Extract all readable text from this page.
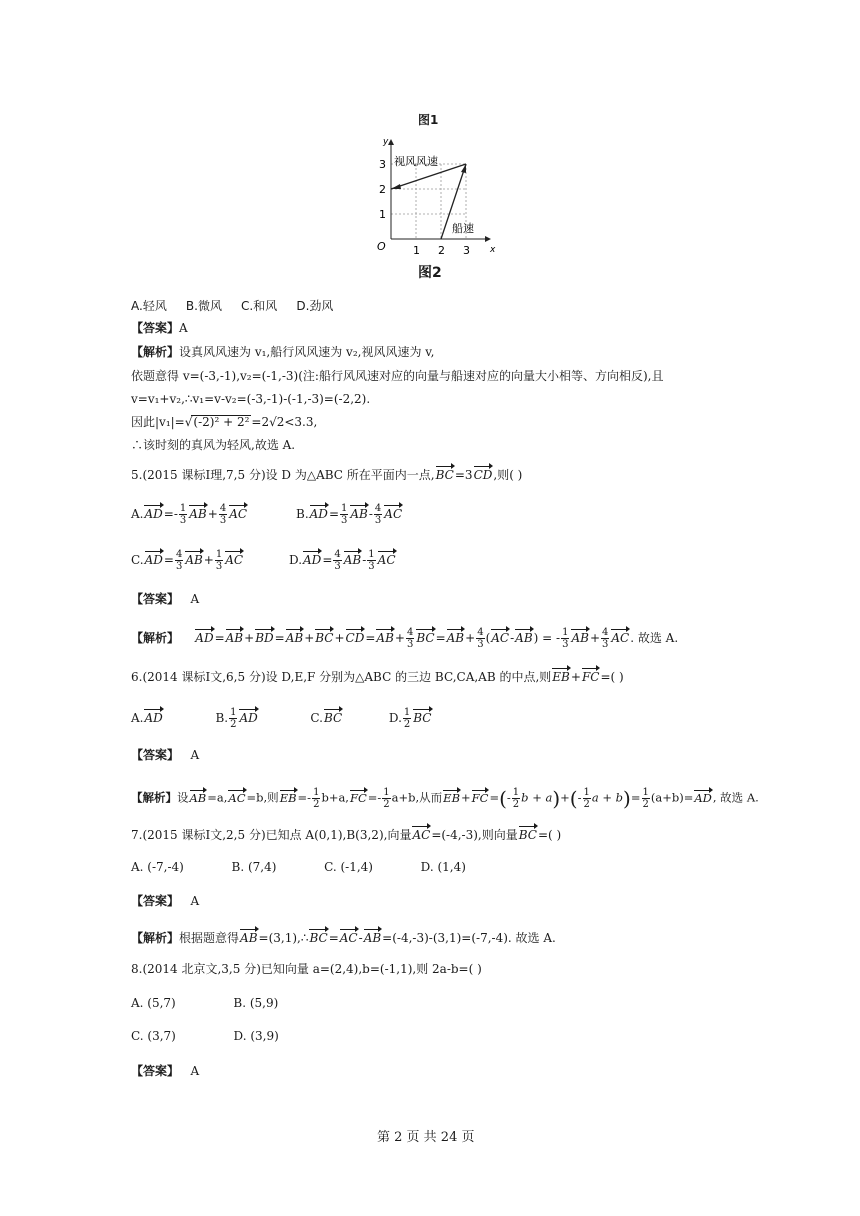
图1
y
x
O 1 2 3
1
2
3 视风风速
船速
图2
A.轻风 B.微风 C.和风 D.劲风
【答案】A
【解析】设真风风速为 v₁,船行风风速为 v₂,视风风速为 v,
依题意得 v=(-3,-1),v₂=(-1,-3)(注:船行风风速对应的向量与船速对应的向量大小相等、方向相反),且
v=v₁+v₂,∴v₁=v-v₂=(-3,-1)-(-1,-3)=(-2,2).
因此|v₁|=√(-2)² + 2² =2√2<3.3,
∴该时刻的真风为轻风,故选 A.
5.(2015 课标Ⅰ理,7,5 分)设 D 为△ABC 所在平面内一点,BC=3CD,则( )
$A.AD=- \frac{1}{3} AB+ \frac{4}{3}$ AC	$B.AD= \frac{1}{3} AB- \frac{4}{3}$ AC
$C.AD= \frac{4}{3} AB+ \frac{1}{3}$ AC	$D.AD= \frac{4}{3} AB- \frac{1}{3}$ AC
【答案】 A
【解析】 $AD=AB+BD=AB+BC+CD=AB+ \frac{4}{3} BC=AB+ \frac{4}{3} (AC-AB)$ = - $\frac{1}{3} AB+ \frac{4}{3}$ AC. 故选 A.
6.(2014 课标Ⅰ文,6,5 分)设 D,E,F 分别为△ABC 的三边 BC,CA,AB 的中点,则EB+FC=( )
A.AD	B. $\frac{1}{2}$ AD	C.BC	D. $\frac{1}{2}$ BC
【答案】 A
【解析】设AB=a,AC=b,则$EB=- \frac{1}{2} b+a,FC=- \frac{1}{2} a+b$,从而$EB+FC=(- \frac{1}{2}$ $b + a)+(- \frac{1}{2}$ $a + b)= \frac{1}{2} (a+b)=AD$, 故选 A.
7.(2015 课标Ⅰ文,2,5 分)已知点 A(0,1),B(3,2),向量AC=(-4,-3),则向量BC=( )
A. (-7,-4)	B. (7,4)	C. (-1,4)	D. (1,4)
【答案】 A
【解析】根据题意得AB=(3,1),∴BC=AC-AB=(-4,-3)-(3,1)=(-7,-4). 故选 A.
8.(2014 北京文,3,5 分)已知向量 a=(2,4),b=(-1,1),则 2a-b=( )
A. (5,7)	B. (5,9)
C. (3,7)	D. (3,9)
【答案】 A
第 2 页 共 24 页
